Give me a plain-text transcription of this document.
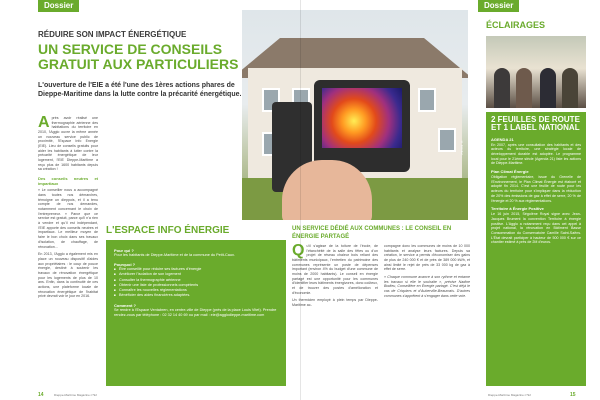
Dossier	Dossier
© Fotolia/…
RÉDUIRE SON IMPACT ÉNERGÉTIQUE
UN SERVICE DE CONSEILS GRATUIT AUX PARTICULIERS
L'ouverture de l'EIE a été l'une des 1ères actions phares de Dieppe-Maritime dans la lutte contre la précarité énergétique.
Après avoir réalisé une thermographie aérienne des habitations du territoire en 2010, l'Agglo ouvre la même année un nouveau service public de proximité, l'Espace Info Energie (EIE). Lieu de conseils gratuits pour aider les habitants à lutter contre la précarité énergétique de leur logement, l'EIE Dieppe-Maritime a reçu plus de 1600 habitants depuis sa création !
Des conseils neutres et impartiaux
« Le conseiller nous a accompagné dans toutes nos démarches, témoigne un dieppois, et il a tenu compte de nos demandes, notamment concernant le choix de l'entrepreneur. » Parce que ce service est gratuit, parce qu'il n'a rien à vendre et qu'il est indépendant, l'EIE apporte des conseils neutres et impartiaux. Le meilleur moyen de faire le bon choix dans ses travaux d'isolation, de chauffage, de rénovation…
En 2013, l'Agglo a également mis en place un nouveau dispositif d'aides aux propriétaires : le coup de pouce énergie, destiné à soutenir les travaux de rénovation énergétique pour les logements de plus de 10 ans. Enfin, dans la continuité de ces actions, une plateforme locale de rénovation énergétique de l'habitat privé devrait voir le jour en 2016.
L'ESPACE INFO ÉNERGIE
Pour qui ?
Pour les habitants de Dieppe-Maritime et de la commune du Petit-Caux.
Pourquoi ?
■ Être conseillé pour réduire ses factures d'énergie
■ Améliorer l'isolation de son logement
■ Consulter la thermographie aérienne
■ Obtenir une liste de professionnels compétents
■ Connaître les nouvelles réglementations
■ Bénéficier des aides financières adaptées.
Comment ?
Se rendre à l'Espace Ventabren, en centre-ville de Dieppe (près de la place Louis Vitet). Prendre rendez-vous par téléphone : 02 32 14 40 69 ou par mail : eie@agglodieppe-maritime.com
UN SERVICE DÉDIÉ AUX COMMUNES : LE CONSEIL EN ÉNERGIE PARTAGÉ
Qu'il s'agisse de la toiture de l'école, de l'étanchéité de la salle des fêtes ou d'un projet de réseau chaleur bois reliant des bâtiments municipaux, l'entretien du patrimoine des communes représente un poste de dépenses important (environ 4% du budget d'une commune de moins de 2000 habitants). Le conseil en énergie partagé est une opportunité pour les communes d'identifier leurs bâtiments énergivores, donc coûteux, et de trouver des postes d'amélioration et d'économie.
Un thermicien employé à plein temps par Dieppe-Maritime ac-
compagne donc les communes de moins de 10 000 habitants et analyse leurs factures. Depuis sa création, le service a permis d'économiser des gains de plus de 240 000 € et de près de 389 000 kWh, et ainsi limité le rejet de près de 33 000 kg de gaz à effet de serre.
« Chaque commune avance à son rythme et entame les travaux si elle le souhaite », précise Nadine Bodieu, Conseillère en Énergie partagé. C'est déjà le cas de Criquiers et d'Auberville-Beaumais. D'autres communes s'apprêtent à s'engager dans cette voie.
ÉCLAIRAGES
2 FEUILLES DE ROUTE ET 1 LABEL NATIONAL
AGENDA 21
En 2007, après une consultation des habitants et des acteurs du territoire, une stratégie locale de développement durable est adoptée. Le programme local pour le 21ème siècle (Agenda 21) liste les actions de Dieppe-Maritime.
Plan Climat Énergie
Obligation réglementaire, issue du Grenelle de l'Environnement, le Plan Climat Énergie est élaboré et adopté fin 2014. C'est une feuille de route pour les acteurs du territoire pour s'impliquer dans la réduction de 20% des émissions de gaz à effet de serre, 20 % de l'énergie et 20 % aux réglementations.
Territoire à Énergie Positive
Le 16 juin 2015, Ségolène Royal signe avec Jean-Jacques Brument la convention Territoire à énergie positive. L'Agglo a notamment reçu dans cet appel à projet national, la rénovation en Bâtiment Basse Consommation du Conservatoire Camille Saint-Saëns. L'État devrait participer à hauteur de 500 000 € sur ce chantier estimé à près de 2M d'euros.
14	Dieppe-Maritime Magazine n°92	Dieppe-Maritime Magazine n°92	15
